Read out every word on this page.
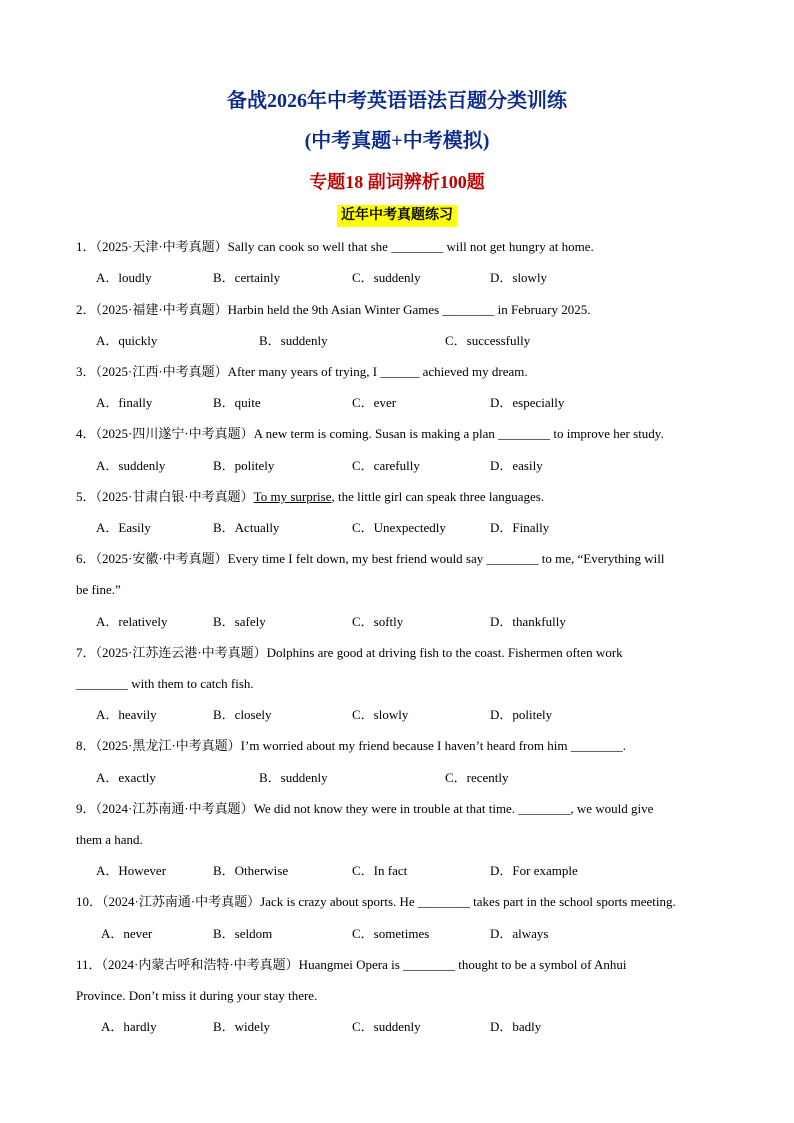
备战2026年中考英语语法百题分类训练
(中考真题+中考模拟)
专题18 副词辨析100题
近年中考真题练习
1．（2025·天津·中考真题）Sally can cook so well that she ________ will not get hungry at home.
A．loudly	B．certainly	C．suddenly	D．slowly
2．（2025·福建·中考真题）Harbin held the 9th Asian Winter Games ________ in February 2025.
A．quickly	B．suddenly	C．successfully
3．（2025·江西·中考真题）After many years of trying, I ______ achieved my dream.
A．finally	B．quite	C．ever	D．especially
4．（2025·四川遂宁·中考真题）A new term is coming. Susan is making a plan ________ to improve her study.
A．suddenly	B．politely	C．carefully	D．easily
5．（2025·甘肃白银·中考真题）To my surprise, the little girl can speak three languages.
A．Easily	B．Actually	C．Unexpectedly	D．Finally
6．（2025·安徽·中考真题）Every time I felt down, my best friend would say ________ to me, “Everything will
be fine.”
A．relatively	B．safely	C．softly	D．thankfully
7．（2025·江苏连云港·中考真题）Dolphins are good at driving fish to the coast. Fishermen often work
________ with them to catch fish.
A．heavily	B．closely	C．slowly	D．politely
8．（2025·黑龙江·中考真题）I’m worried about my friend because I haven’t heard from him ________.
A．exactly	B．suddenly	C．recently
9．（2024·江苏南通·中考真题）We did not know they were in trouble at that time. ________, we would give
them a hand.
A．However	B．Otherwise	C．In fact	D．For example
10．（2024·江苏南通·中考真题）Jack is crazy about sports. He ________ takes part in the school sports meeting.
A．never	B．seldom	C．sometimes	D．always
11．（2024·内蒙古呼和浩特·中考真题）Huangmei Opera is ________ thought to be a symbol of Anhui
Province. Don’t miss it during your stay there.
A．hardly	B．widely	C．suddenly	D．badly
